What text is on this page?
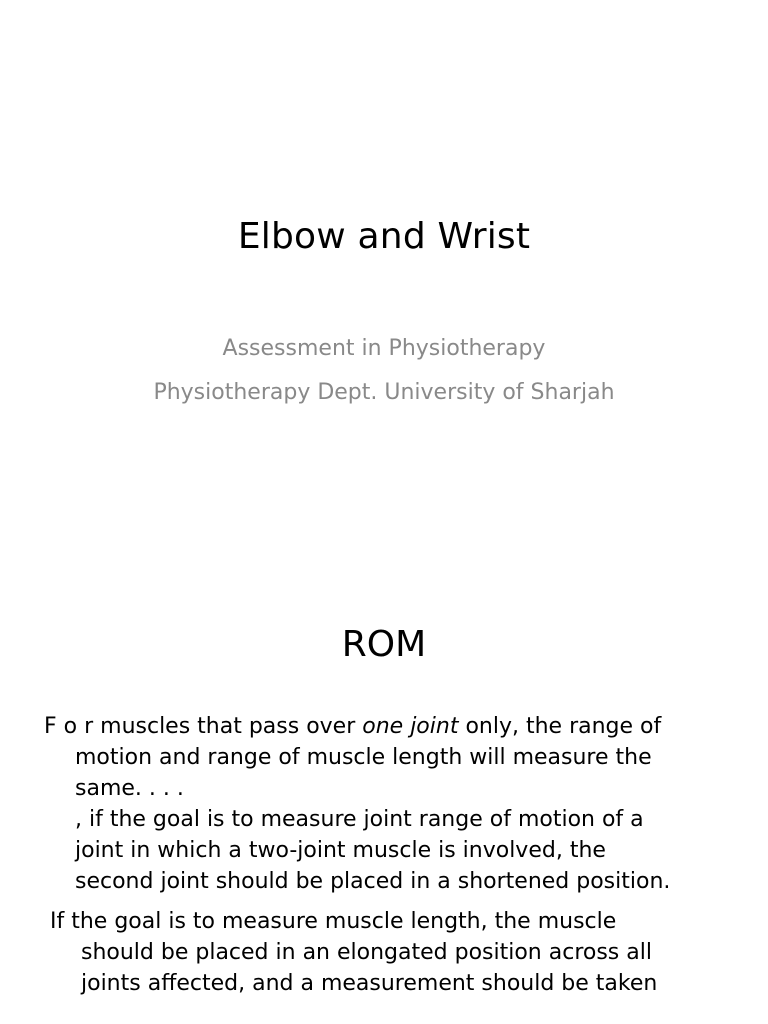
Elbow and Wrist
Assessment in Physiotherapy
Physiotherapy Dept. University of Sharjah
ROM
F o r muscles that pass over one joint only, the range of
motion and range of muscle length will measure the
same. . . .
, if the goal is to measure joint range of motion of a
joint in which a two-joint muscle is involved, the
second joint should be placed in a shortened position.
If the goal is to measure muscle length, the muscle
should be placed in an elongated position across all
joints affected, and a measurement should be taken
